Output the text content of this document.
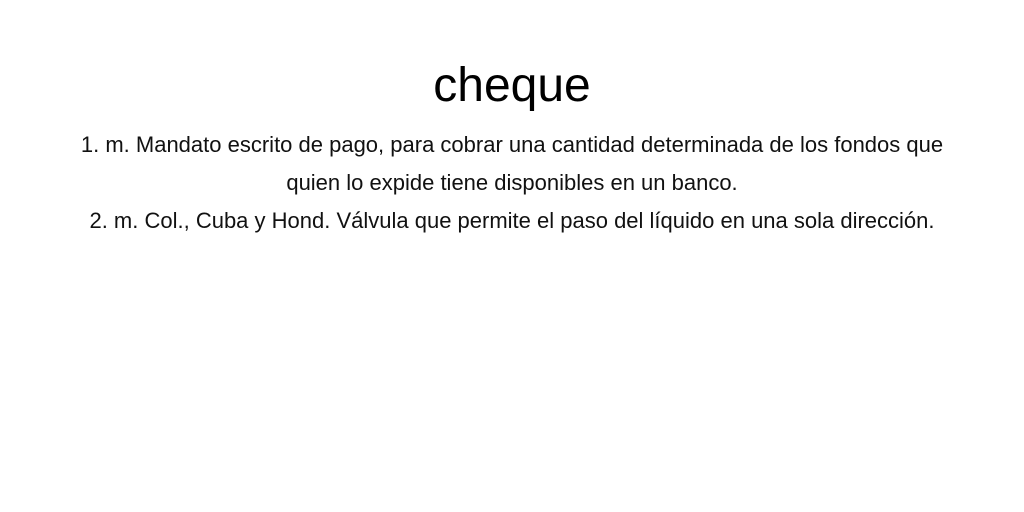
cheque

1. m. Mandato escrito de pago, para cobrar una cantidad determinada de los fondos que quien lo expide tiene disponibles en un banco.

2. m. Col., Cuba y Hond. Válvula que permite el paso del líquido en una sola dirección.
